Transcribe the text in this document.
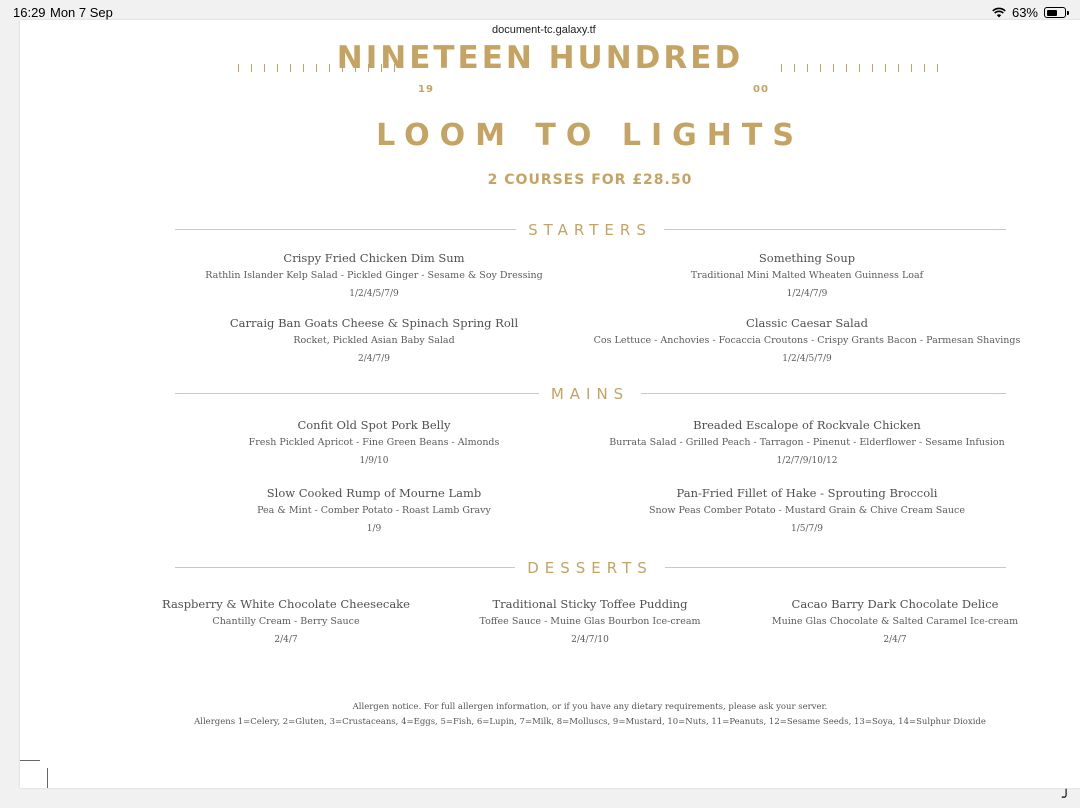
16:29 Mon 7 Sep	63%
document-tc.galaxy.tf
NINETEEN HUNDRED
19	00
LOOM TO LIGHTS
2 COURSES FOR £28.50
STARTERS
Crispy Fried Chicken Dim Sum
Rathlin Islander Kelp Salad - Pickled Ginger - Sesame & Soy Dressing
1/2/4/5/7/9
Something Soup
Traditional Mini Malted Wheaten Guinness Loaf
1/2/4/7/9
Carraig Ban Goats Cheese & Spinach Spring Roll
Rocket, Pickled Asian Baby Salad
2/4/7/9
Classic Caesar Salad
Cos Lettuce - Anchovies - Focaccia Croutons - Crispy Grants Bacon - Parmesan Shavings
1/2/4/5/7/9
MAINS
Confit Old Spot Pork Belly
Fresh Pickled Apricot - Fine Green Beans - Almonds
1/9/10
Breaded Escalope of Rockvale Chicken
Burrata Salad - Grilled Peach - Tarragon - Pinenut - Elderflower - Sesame Infusion
1/2/7/9/10/12
Slow Cooked Rump of Mourne Lamb
Pea & Mint - Comber Potato - Roast Lamb Gravy
1/9
Pan-Fried Fillet of Hake - Sprouting Broccoli
Snow Peas Comber Potato - Mustard Grain & Chive Cream Sauce
1/5/7/9
DESSERTS
Raspberry & White Chocolate Cheesecake
Chantilly Cream - Berry Sauce
2/4/7
Traditional Sticky Toffee Pudding
Toffee Sauce - Muine Glas Bourbon Ice-cream
2/4/7/10
Cacao Barry Dark Chocolate Delice
Muine Glas Chocolate & Salted Caramel Ice-cream
2/4/7
Allergen notice. For full allergen information, or if you have any dietary requirements, please ask your server.
Allergens 1=Celery, 2=Gluten, 3=Crustaceans, 4=Eggs, 5=Fish, 6=Lupin, 7=Milk, 8=Molluscs, 9=Mustard, 10=Nuts, 11=Peanuts, 12=Sesame Seeds, 13=Soya, 14=Sulphur Dioxide
╯
